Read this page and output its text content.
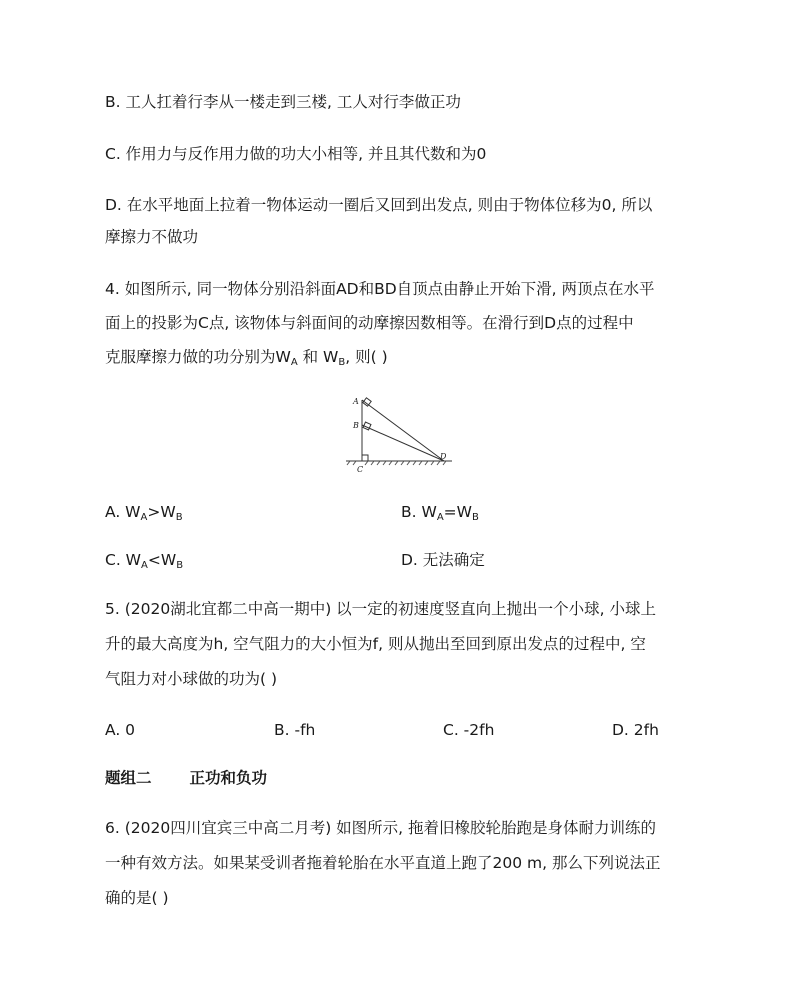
B. 工人扛着行李从一楼走到三楼, 工人对行李做正功
C. 作用力与反作用力做的功大小相等, 并且其代数和为0
D. 在水平地面上拉着一物体运动一圈后又回到出发点, 则由于物体位移为0, 所以
摩擦力不做功
4. 如图所示, 同一物体分别沿斜面AD和BD自顶点由静止开始下滑, 两顶点在水平
面上的投影为C点, 该物体与斜面间的动摩擦因数相等。在滑行到D点的过程中
克服摩擦力做的功分别为$W_A$ 和 $W_B$, 则( )
A
B
C
D
A. $W_A>W_B$	B. $W_A=W_B$
C. $W_A<W_B$	D. 无法确定
5. (2020湖北宜都二中高一期中) 以一定的初速度竖直向上抛出一个小球, 小球上
升的最大高度为h, 空气阻力的大小恒为f, 则从抛出至回到原出发点的过程中, 空
气阻力对小球做的功为( )
A. 0	B. -fh	C. -2fh	D. 2fh
题组二 正功和负功
6. (2020四川宜宾三中高二月考) 如图所示, 拖着旧橡胶轮胎跑是身体耐力训练的
一种有效方法。如果某受训者拖着轮胎在水平直道上跑了200 m, 那么下列说法正
确的是( )
